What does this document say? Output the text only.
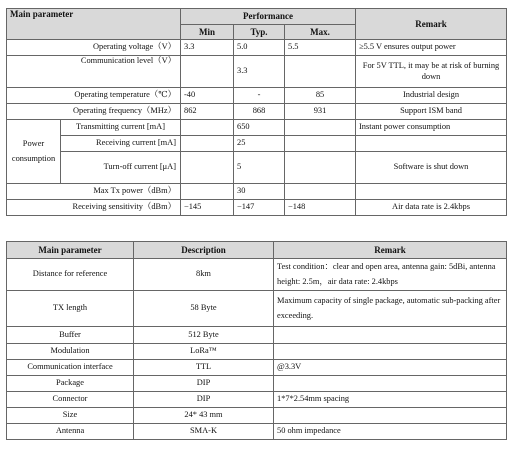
Main parameter		Performance			Remark
		Min	Typ.	Max.	
Operating voltage（V）		3.3	5.0	5.5	≥5.5 V ensures output power
Communication level（V）			3.3		For 5V TTL, it may be at risk of burning down
Operating temperature（℃）		-40	-	85	Industrial design
Operating frequency（MHz）		862	868	931	Support ISM band
Power consumption	Transmitting current [mA]		650		Instant power consumption
	Receiving current [mA]		25		
	Turn-off current [μA]		5		Software is shut down
Max Tx power（dBm）			30		
Receiving sensitivity（dBm）		−145	−147	−148	Air data rate is 2.4kbps
Main parameter	Description	Remark
Distance for reference	8km	Test condition：clear and open area, antenna gain: 5dBi, antenna height: 2.5m，air data rate: 2.4kbps
TX length	58 Byte	Maximum capacity of single package, automatic sub-packing after exceeding.
Buffer	512 Byte	
Modulation	LoRa™	
Communication interface	TTL	@3.3V
Package	DIP	
Connector	DIP	1*7*2.54mm spacing
Size	24* 43 mm	
Antenna	SMA-K	50 ohm impedance
